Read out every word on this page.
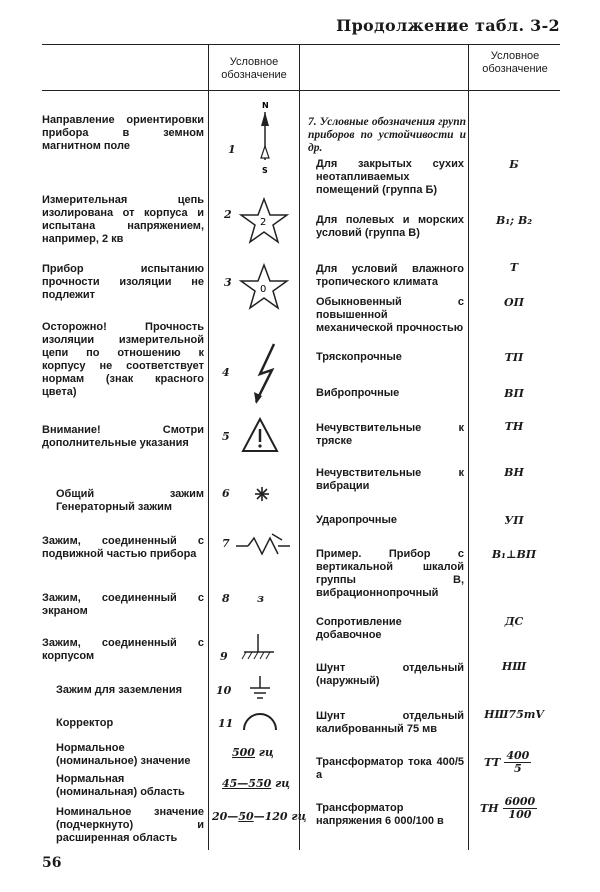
Продолжение табл. 3-2
Условное обозначение
Условное обозначение
Направление ориентировки прибора в земном магнитном поле
Измерительная цепь изолирована от корпуса и испытана напряжением, например, 2 кв
Прибор испытанию прочности изоляции не подлежит
Осторожно! Прочность изоляции измерительной цепи по отношению к корпусу не соответствует нормам (знак красного цвета)
Внимание! Смотри дополнительные указания
Общий зажим Генераторный зажим
Зажим, соединенный с подвижной частью прибора
Зажим, соединенный с экраном
Зажим, соединенный с корпусом
Зажим для заземления
Корректор
Нормальное (номинальное) значение
Нормальная (номинальная) область
Номинальное значение (подчеркнуто) и расширенная область
1
2
3
4
5
6
7
8
9
10
11
N
S
2
0
з
500 гц
45—550 гц
20—50—120 гц
7. Условные обозначения групп приборов по устойчивости и др.
Для закрытых сухих неотапливаемых помещений (группа Б)
Для полевых и морских условий (группа В)
Для условий влажного тропического климата
Обыкновенный с повышенной механической прочностью
Тряскопрочные
Вибропрочные
Нечувствительные к тряске
Нечувствительные к вибрации
Ударопрочные
Пример. Прибор с вертикальной шкалой группы В, вибрационнопрочный
Сопротивление добавочное
Шунт отдельный (наружный)
Шунт отдельный калиброванный 75 мв
Трансформатор тока 400/5 а
Трансформатор напряжения 6 000/100 в
Б
В₁; В₂
Т
ОП
ТП
ВП
ТН
ВН
УП
В₁⊥ВП
ДС
НШ
НШ75mV
ТТ
400
5
ТН
6000
100
56
